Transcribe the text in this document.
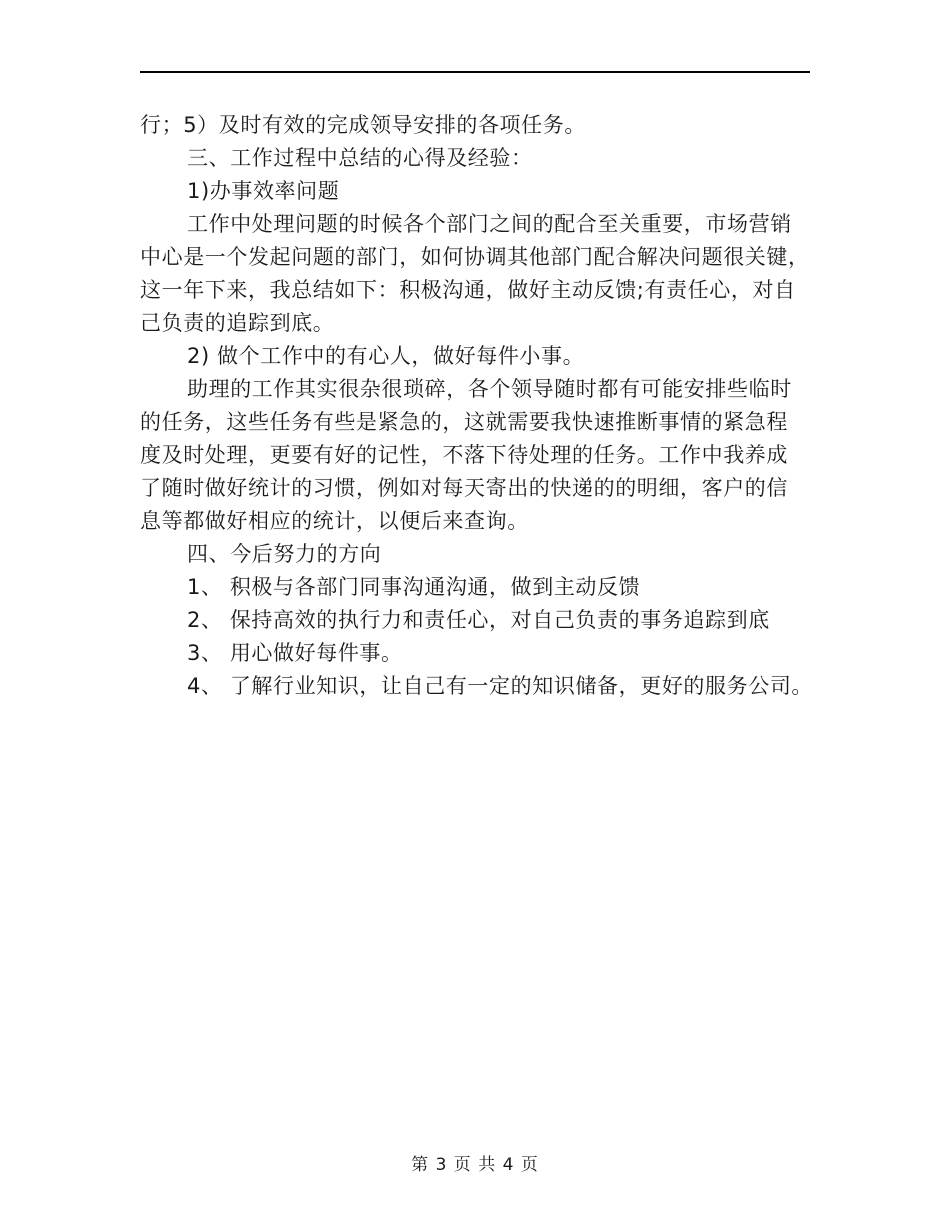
行；5）及时有效的完成领导安排的各项任务。
三、工作过程中总结的心得及经验：
1)办事效率问题
工作中处理问题的时候各个部门之间的配合至关重要，市场营销
中心是一个发起问题的部门，如何协调其他部门配合解决问题很关键，
这一年下来，我总结如下：积极沟通，做好主动反馈;有责任心，对自
己负责的追踪到底。
2) 做个工作中的有心人，做好每件小事。
助理的工作其实很杂很琐碎，各个领导随时都有可能安排些临时
的任务，这些任务有些是紧急的，这就需要我快速推断事情的紧急程
度及时处理，更要有好的记性，不落下待处理的任务。工作中我养成
了随时做好统计的习惯，例如对每天寄出的快递的的明细，客户的信
息等都做好相应的统计，以便后来查询。
四、今后努力的方向
1、 积极与各部门同事沟通沟通，做到主动反馈
2、 保持高效的执行力和责任心，对自己负责的事务追踪到底
3、 用心做好每件事。
4、 了解行业知识，让自己有一定的知识储备，更好的服务公司。
第 3 页 共 4 页
